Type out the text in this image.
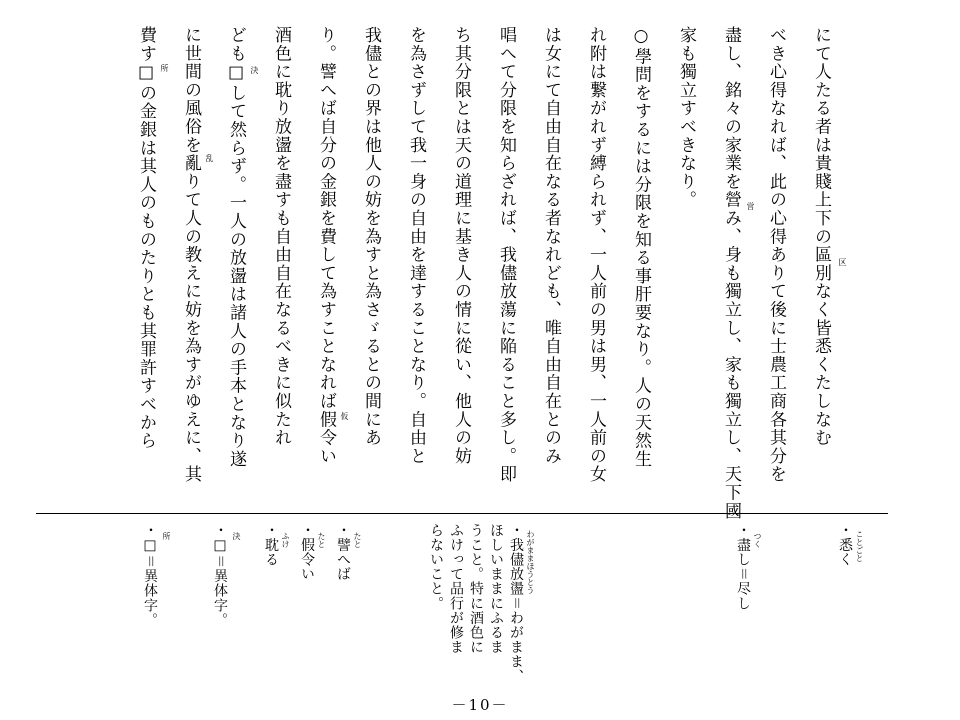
にて人たる者は貴賤上下の區別なく皆悉くたしなむ
べき心得なれば、此の心得ありて後に士農工商各其分を
盡し、銘々の家業を營み、身も獨立し、家も獨立し、天下國
家も獨立すべきなり。
○學問をするには分限を知る事肝要なり。人の天然生
れ附は繋がれず縛られず、一人前の男は男、一人前の女
は女にて自由自在なる者なれども、唯自由自在とのみ
唱へて分限を知らざれば、我儘放蕩に陥ること多し。即
ち其分限とは天の道理に基き人の情に從い、他人の妨
を為さずして我一身の自由を達することなり。自由と
我儘との界は他人の妨を為すと為さゞるとの間にあ
り。譬へば自分の金銀を費して為すことなれば假令い
酒色に耽り放盪を盡すも自由自在なるべきに似たれ
ども□して然らず。一人の放盪は諸人の手本となり遂
に世間の風俗を亂りて人の教えに妨を為すがゆえに、其
費す□の金銀は其人のものたりとも其罪許すべから	区
営
仮
決
乱
所
・悉く ことごと
・盡し＝尽し つく
・我儘放盪＝わがまま、 わがままほうとう
ほしいままにふるま
うこと。特に酒色に
ふけって品行が修ま
らないこと。
・譬へば たと
・假令い たと
・耽る ふけ
・□＝異体字。 決
・□＝異体字。 所
－10－
